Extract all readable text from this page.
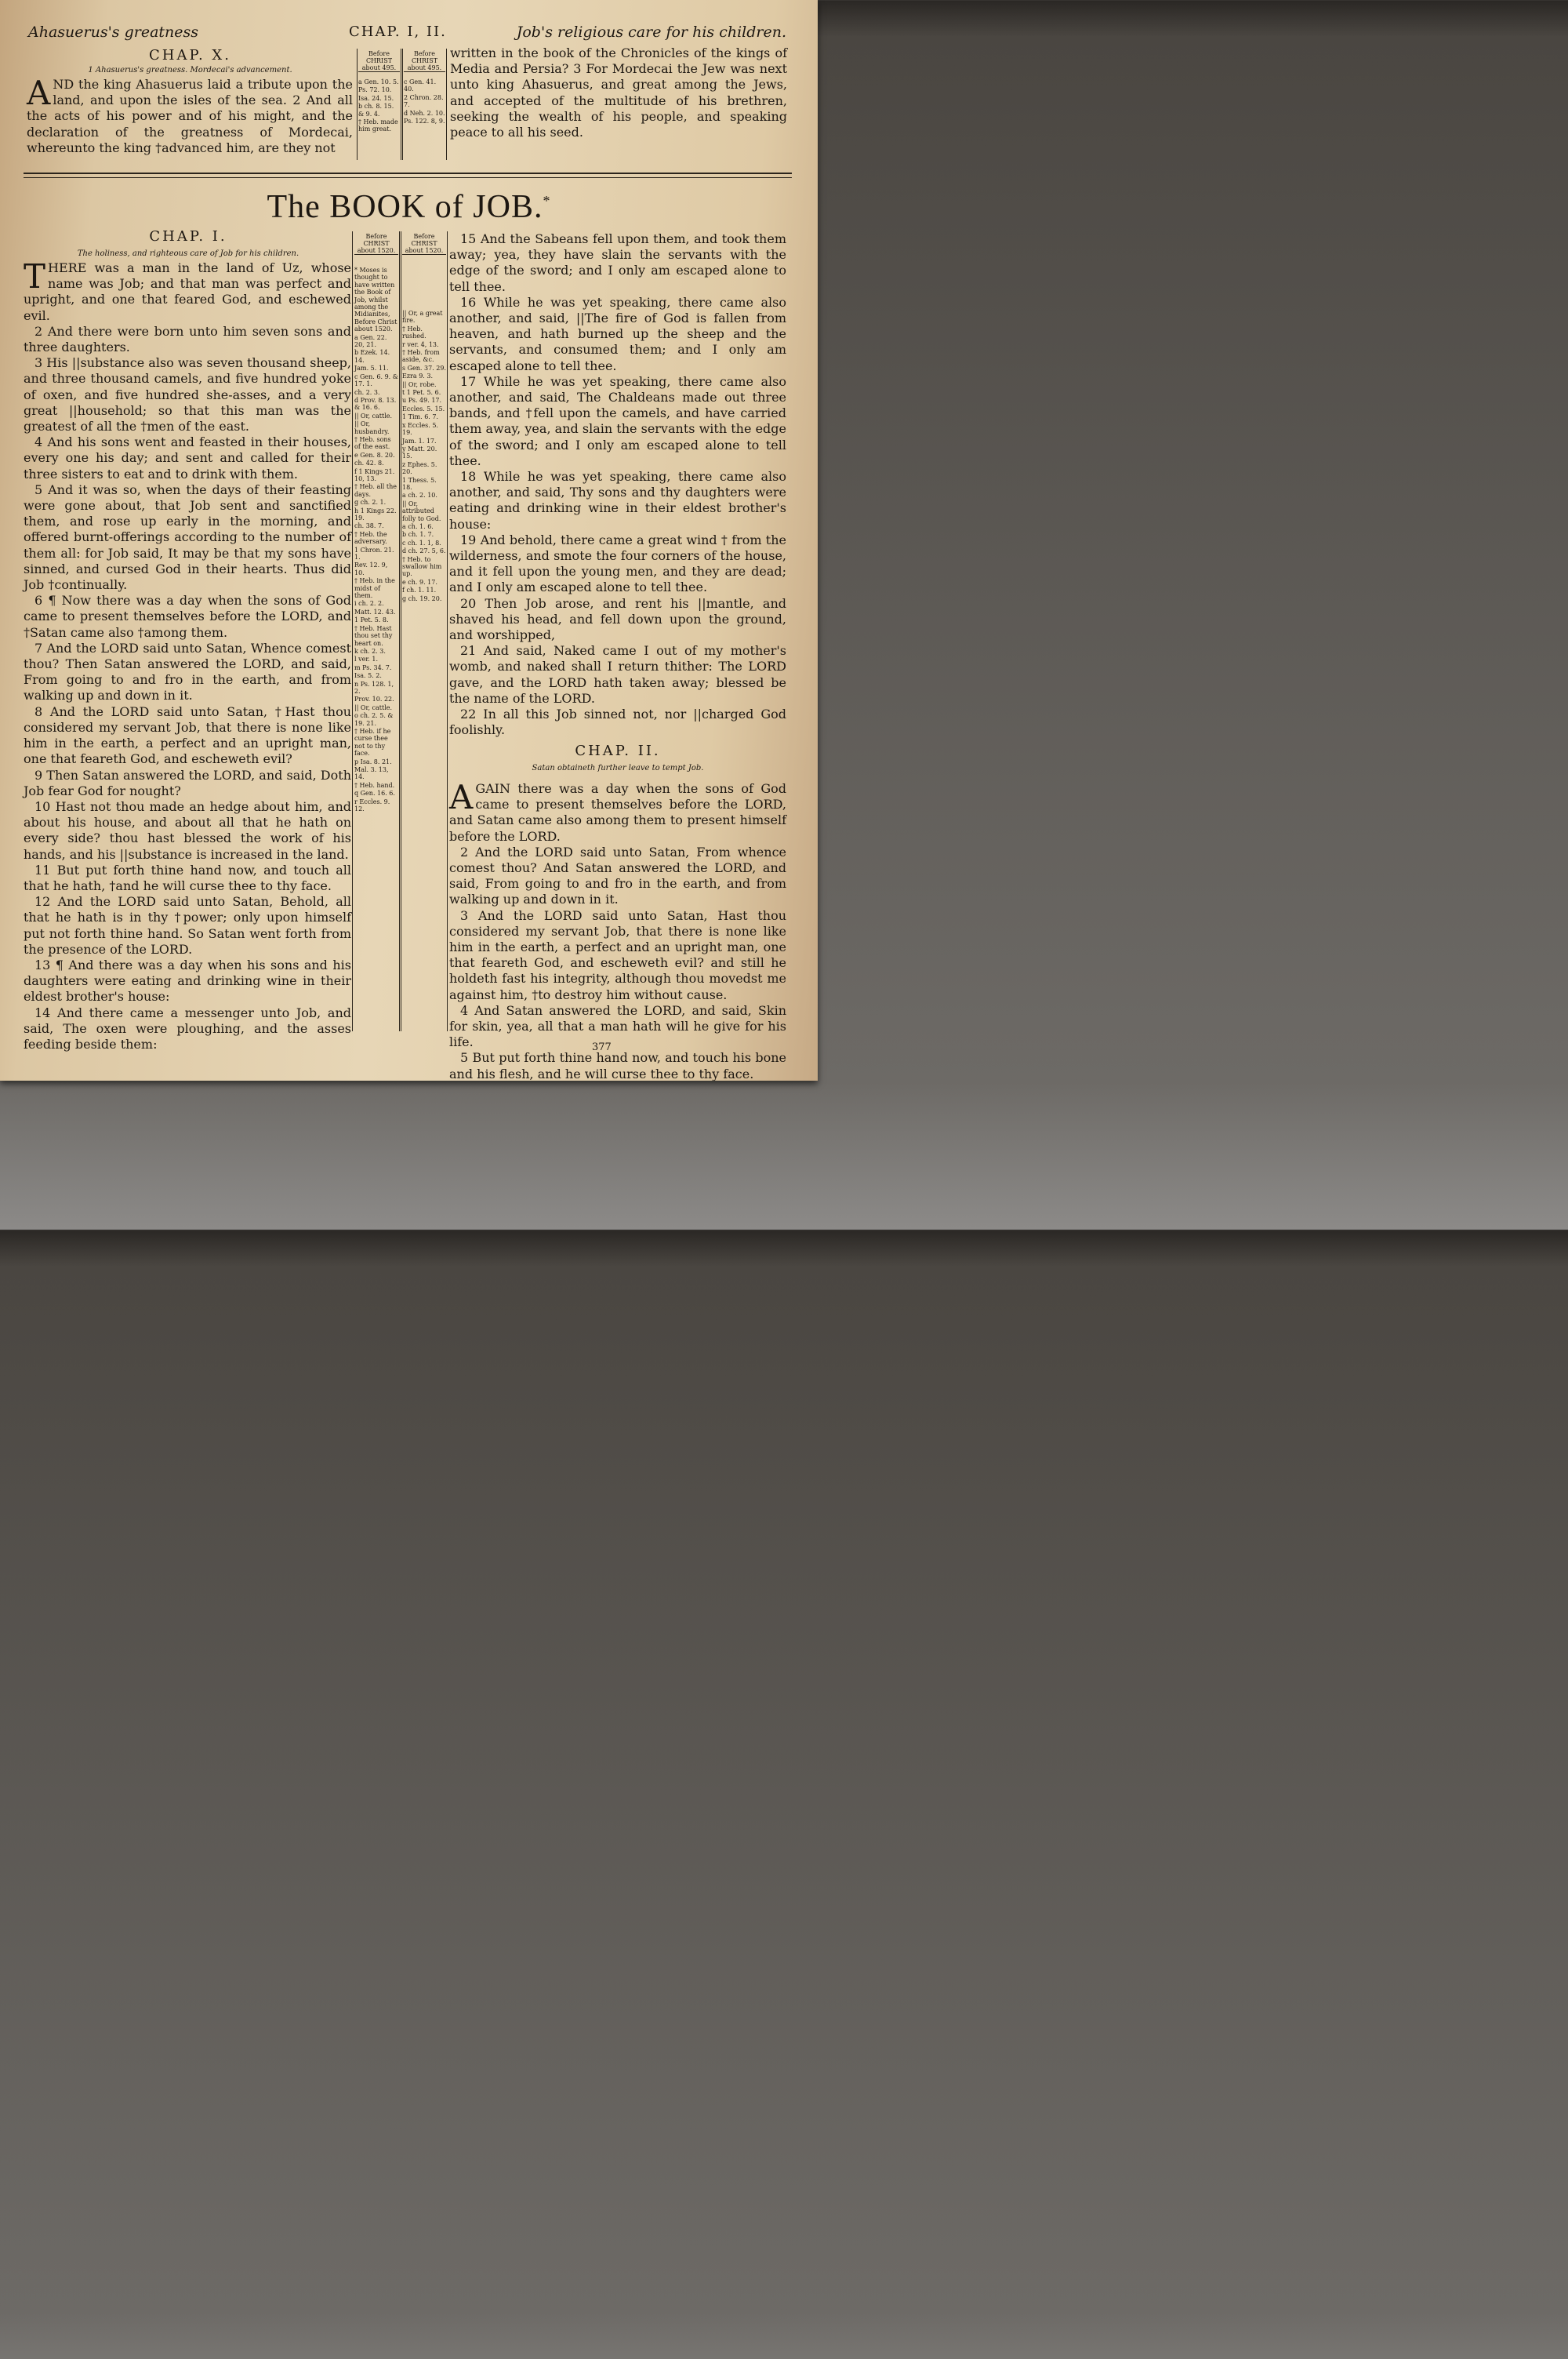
Ahasuerus's greatness	CHAP. I, II.	Job's religious care for his children.
CHAP. X.
1 Ahasuerus's greatness. Mordecai's advancement.
AND the king Ahasuerus laid a tribute upon the land, and upon the isles of the sea. 2 And all the acts of his power and of his might, and the declaration of the greatness of Mordecai, whereunto the king †advanced him, are they not
Before CHRIST about 495.
Before CHRIST about 495.
a Gen. 10. 5.
Ps. 72. 10.
Isa. 24. 15.
b ch. 8. 15. & 9. 4.
† Heb. made him great.
c Gen. 41. 40.
2 Chron. 28. 7.
d Neh. 2. 10.
Ps. 122. 8, 9.
written in the book of the Chronicles of the kings of Media and Persia? 3 For Mordecai the Jew was next unto king Ahasuerus, and great among the Jews, and accepted of the multitude of his brethren, seeking the wealth of his people, and speaking peace to all his seed.
The BOOK of JOB.*
CHAP. I.
The holiness, and righteous care of Job for his children.

THERE was a man in the land of Uz, whose name was Job; and that man was perfect and upright, and one that feared God, and eschewed evil.

2 And there were born unto him seven sons and three daughters.

3 His ||substance also was seven thousand sheep, and three thousand camels, and five hundred yoke of oxen, and five hundred she-asses, and a very great ||household; so that this man was the greatest of all the †men of the east.

4 And his sons went and feasted in their houses, every one his day; and sent and called for their three sisters to eat and to drink with them.

5 And it was so, when the days of their feasting were gone about, that Job sent and sanctified them, and rose up early in the morning, and offered burnt-offerings according to the number of them all: for Job said, It may be that my sons have sinned, and cursed God in their hearts. Thus did Job †continually.

6 ¶ Now there was a day when the sons of God came to present themselves before the LORD, and †Satan came also †among them.

7 And the LORD said unto Satan, Whence comest thou? Then Satan answered the LORD, and said, From going to and fro in the earth, and from walking up and down in it.

8 And the LORD said unto Satan, †Hast thou considered my servant Job, that there is none like him in the earth, a perfect and an upright man, one that feareth God, and escheweth evil?

9 Then Satan answered the LORD, and said, Doth Job fear God for nought?

10 Hast not thou made an hedge about him, and about his house, and about all that he hath on every side? thou hast blessed the work of his hands, and his ||substance is increased in the land.

11 But put forth thine hand now, and touch all that he hath, †and he will curse thee to thy face.

12 And the LORD said unto Satan, Behold, all that he hath is in thy †power; only upon himself put not forth thine hand. So Satan went forth from the presence of the LORD.

13 ¶ And there was a day when his sons and his daughters were eating and drinking wine in their eldest brother's house:

14 And there came a messenger unto Job, and said, The oxen were ploughing, and the asses feeding beside them:

Before CHRIST about 1520.
Before CHRIST about 1520.
* Moses is thought to have written the Book of Job, whilst among the Midianites, Before Christ about 1520.
a Gen. 22. 20, 21.
b Ezek. 14. 14.
Jam. 5. 11.
c Gen. 6. 9. & 17. 1.
ch. 2. 3.
d Prov. 8. 13. & 16. 6.
|| Or, cattle.
|| Or, husbandry.
† Heb. sons of the east.
e Gen. 8. 20.
ch. 42. 8.
f 1 Kings 21. 10, 13.
† Heb. all the days.
g ch. 2. 1.
h 1 Kings 22. 19.
ch. 38. 7.
† Heb. the adversary.
1 Chron. 21. 1.
Rev. 12. 9, 10.
† Heb. in the midst of them.
i ch. 2. 2.
Matt. 12. 43.
1 Pet. 5. 8.
† Heb. Hast thou set thy heart on.
k ch. 2. 3.
l ver. 1.
m Ps. 34. 7.
Isa. 5. 2.
n Ps. 128. 1, 2.
Prov. 10. 22.
|| Or, cattle.
o ch. 2. 5. & 19. 21.
† Heb. if he curse thee not to thy face.
p Isa. 8. 21.
Mal. 3. 13, 14.
† Heb. hand.
q Gen. 16. 6.
r Eccles. 9. 12.
|| Or, a great fire.
† Heb. rushed.
r ver. 4, 13.
† Heb. from aside, &c.
s Gen. 37. 29.
Ezra 9. 3.
|| Or, robe.
t 1 Pet. 5. 6.
u Ps. 49. 17.
Eccles. 5. 15.
1 Tim. 6. 7.
x Eccles. 5. 19.
Jam. 1. 17.
y Matt. 20. 15.
z Ephes. 5. 20.
1 Thess. 5. 18.
a ch. 2. 10.
|| Or, attributed folly to God.
a ch. 1. 6.
b ch. 1. 7.
c ch. 1. 1, 8.
d ch. 27. 5, 6.
† Heb. to swallow him up.
e ch. 9. 17.
f ch. 1. 11.
g ch. 19. 20.

15 And the Sabeans fell upon them, and took them away; yea, they have slain the servants with the edge of the sword; and I only am escaped alone to tell thee.

16 While he was yet speaking, there came also another, and said, ||The fire of God is fallen from heaven, and hath burned up the sheep and the servants, and consumed them; and I only am escaped alone to tell thee.

17 While he was yet speaking, there came also another, and said, The Chaldeans made out three bands, and †fell upon the camels, and have carried them away, yea, and slain the servants with the edge of the sword; and I only am escaped alone to tell thee.

18 While he was yet speaking, there came also another, and said, Thy sons and thy daughters were eating and drinking wine in their eldest brother's house:

19 And behold, there came a great wind † from the wilderness, and smote the four corners of the house, and it fell upon the young men, and they are dead; and I only am escaped alone to tell thee.

20 Then Job arose, and rent his ||mantle, and shaved his head, and fell down upon the ground, and worshipped,

21 And said, Naked came I out of my mother's womb, and naked shall I return thither: The LORD gave, and the LORD hath taken away; blessed be the name of the LORD.

22 In all this Job sinned not, nor ||charged God foolishly.

CHAP. II.
Satan obtaineth further leave to tempt Job.

AGAIN there was a day when the sons of God came to present themselves before the LORD, and Satan came also among them to present himself before the LORD.

2 And the LORD said unto Satan, From whence comest thou? And Satan answered the LORD, and said, From going to and fro in the earth, and from walking up and down in it.

3 And the LORD said unto Satan, Hast thou considered my servant Job, that there is none like him in the earth, a perfect and an upright man, one that feareth God, and escheweth evil? and still he holdeth fast his integrity, although thou movedst me against him, †to destroy him without cause.

4 And Satan answered the LORD, and said, Skin for skin, yea, all that a man hath will he give for his life.

5 But put forth thine hand now, and touch his bone and his flesh, and he will curse thee to thy face.

377
